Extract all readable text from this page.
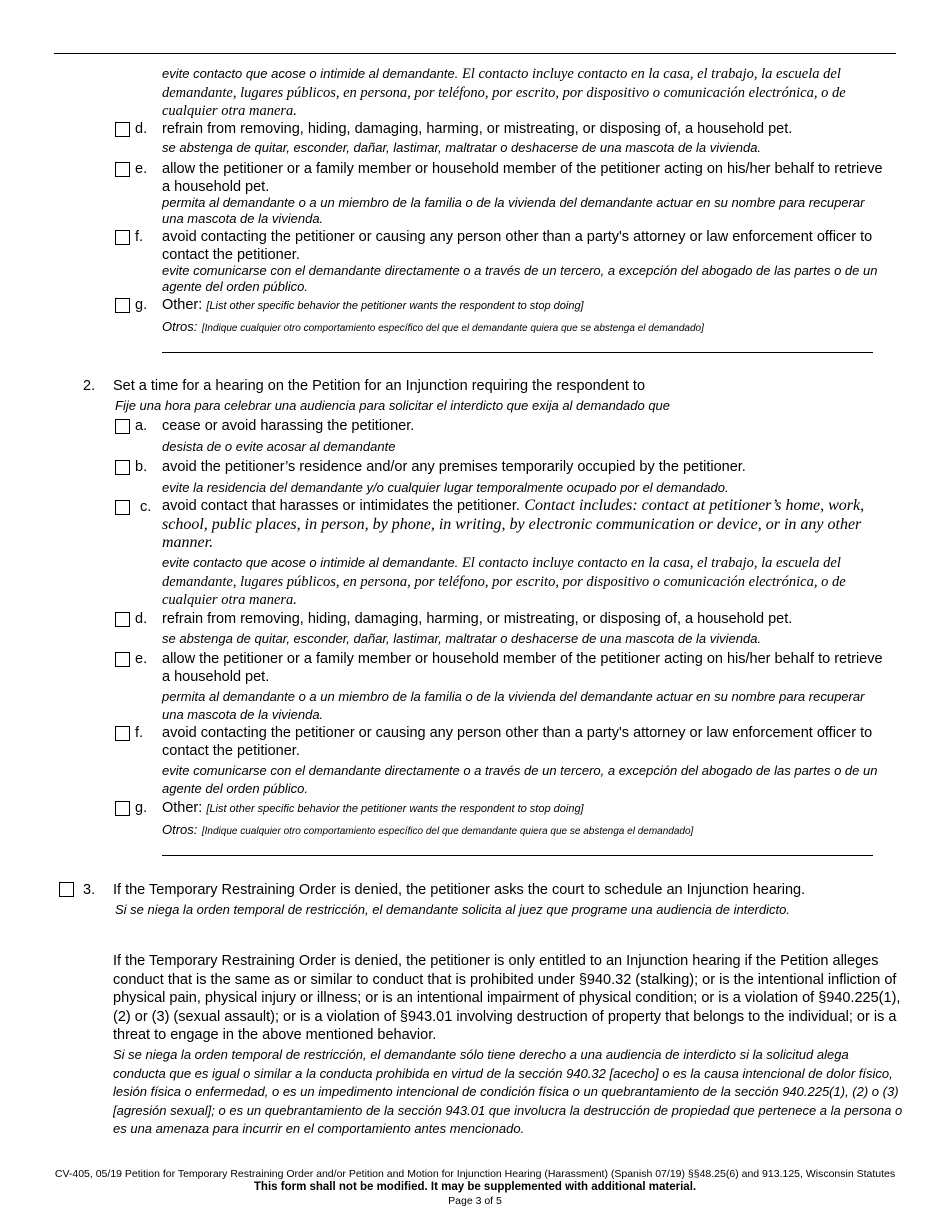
evite contacto que acose o intimide al demandante. El contacto incluye contacto en la casa, el trabajo, la escuela del demandante, lugares públicos, en persona, por teléfono, por escrito, por dispositivo o comunicación electrónica, o de cualquier otra manera.
d. refrain from removing, hiding, damaging, harming, or mistreating, or disposing of, a household pet.
se abstenga de quitar, esconder, dañar, lastimar, maltratar o deshacerse de una mascota de la vivienda.
e. allow the petitioner or a family member or household member of the petitioner acting on his/her behalf to retrieve a household pet.
permita al demandante o a un miembro de la familia o de la vivienda del demandante actuar en su nombre para recuperar una mascota de la vivienda.
f. avoid contacting the petitioner or causing any person other than a party's attorney or law enforcement officer to contact the petitioner.
evite comunicarse con el demandante directamente o a través de un tercero, a excepción del abogado de las partes o de un agente del orden público.
g. Other: [List other specific behavior the petitioner wants the respondent to stop doing]
Otros: [Indique cualquier otro comportamiento específico del que el demandante quiera que se abstenga el demandado]
2. Set a time for a hearing on the Petition for an Injunction requiring the respondent to
Fije una hora para celebrar una audiencia para solicitar el interdicto que exija al demandado que
a. cease or avoid harassing the petitioner.
desista de o evite acosar al demandante
b. avoid the petitioner’s residence and/or any premises temporarily occupied by the petitioner.
evite la residencia del demandante y/o cualquier lugar temporalmente ocupado por el demandado.
c. avoid contact that harasses or intimidates the petitioner. Contact includes: contact at petitioner’s home, work, school, public places, in person, by phone, in writing, by electronic communication or device, or in any other manner.
evite contacto que acose o intimide al demandante. El contacto incluye contacto en la casa, el trabajo, la escuela del demandante, lugares públicos, en persona, por teléfono, por escrito, por dispositivo o comunicación electrónica, o de cualquier otra manera.
d. refrain from removing, hiding, damaging, harming, or mistreating, or disposing of, a household pet.
se abstenga de quitar, esconder, dañar, lastimar, maltratar o deshacerse de una mascota de la vivienda.
e. allow the petitioner or a family member or household member of the petitioner acting on his/her behalf to retrieve a household pet.
permita al demandante o a un miembro de la familia o de la vivienda del demandante actuar en su nombre para recuperar una mascota de la vivienda.
f. avoid contacting the petitioner or causing any person other than a party's attorney or law enforcement officer to contact the petitioner.
evite comunicarse con el demandante directamente o a través de un tercero, a excepción del abogado de las partes o de un agente del orden público.
g. Other: [List other specific behavior the petitioner wants the respondent to stop doing]
Otros: [Indique cualquier otro comportamiento específico del que demandante quiera que se abstenga el demandado]
3. If the Temporary Restraining Order is denied, the petitioner asks the court to schedule an Injunction hearing.
Si se niega la orden temporal de restricción, el demandante solicita al juez que programe una audiencia de interdicto.
If the Temporary Restraining Order is denied, the petitioner is only entitled to an Injunction hearing if the Petition alleges conduct that is the same as or similar to conduct that is prohibited under §940.32 (stalking); or is the intentional infliction of physical pain, physical injury or illness; or is an intentional impairment of physical condition; or is a violation of §940.225(1), (2) or (3) (sexual assault); or is a violation of §943.01 involving destruction of property that belongs to the individual; or is a threat to engage in the above mentioned behavior.
Si se niega la orden temporal de restricción, el demandante sólo tiene derecho a una audiencia de interdicto si la solicitud alega conducta que es igual o similar a la conducta prohibida en virtud de la sección 940.32 [acecho] o es la causa intencional de dolor físico, lesión física o enfermedad, o es un impedimento intencional de condición física o un quebrantamiento de la sección 940.225(1), (2) o (3) [agresión sexual]; o es un quebrantamiento de la sección 943.01 que involucra la destrucción de propiedad que pertenece a la persona o es una amenaza para incurrir en el comportamiento antes mencionado.
CV-405, 05/19 Petition for Temporary Restraining Order and/or Petition and Motion for Injunction Hearing (Harassment) (Spanish 07/19) §§48.25(6) and 913.125, Wisconsin Statutes
This form shall not be modified. It may be supplemented with additional material.
Page 3 of 5
